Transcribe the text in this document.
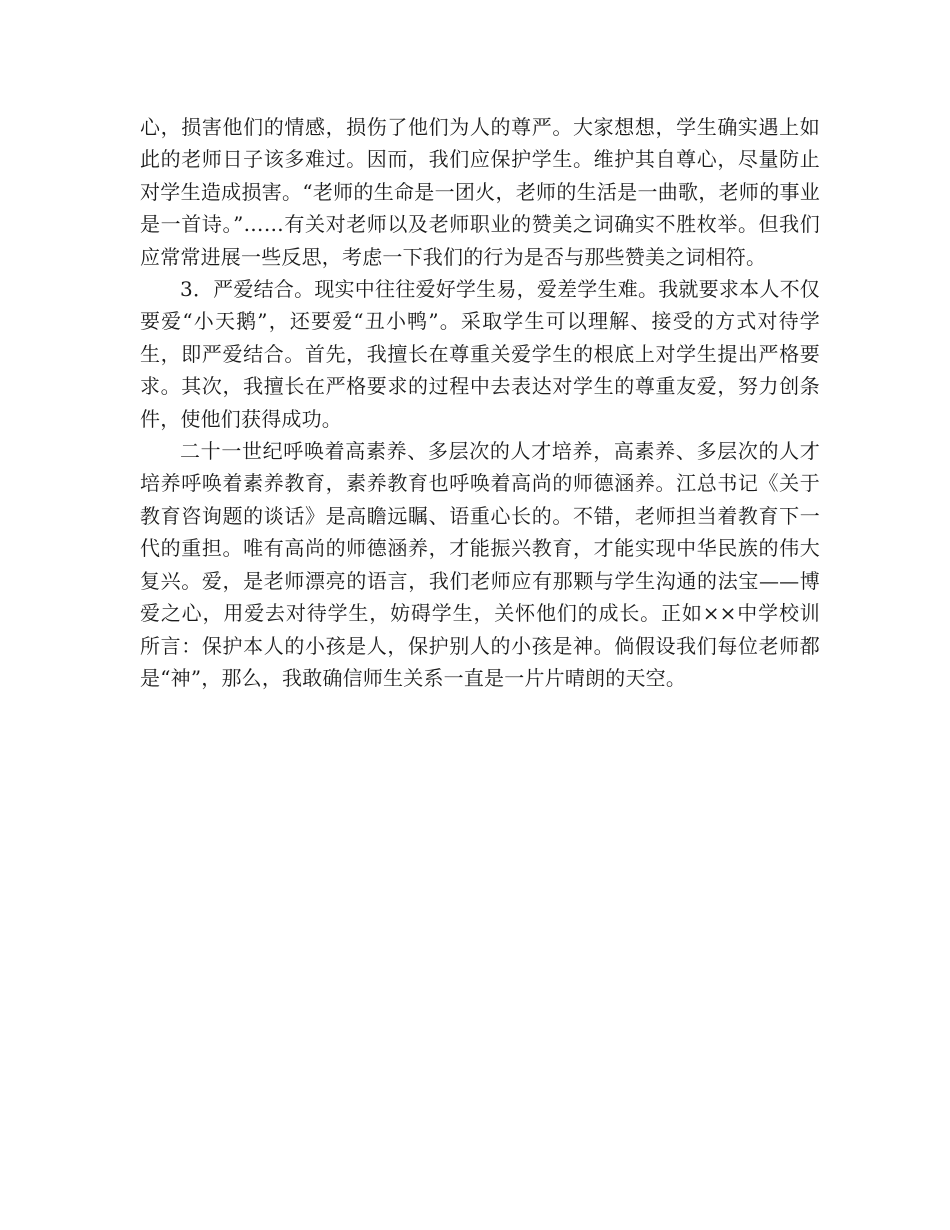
心，损害他们的情感，损伤了他们为人的尊严。大家想想，学生确实遇上如此的老师日子该多难过。因而，我们应保护学生。维护其自尊心，尽量防止对学生造成损害。“老师的生命是一团火，老师的生活是一曲歌，老师的事业是一首诗。”……有关对老师以及老师职业的赞美之词确实不胜枚举。但我们应常常进展一些反思，考虑一下我们的行为是否与那些赞美之词相符。

3．严爱结合。现实中往往爱好学生易，爱差学生难。我就要求本人不仅要爱“小天鹅”，还要爱“丑小鸭”。采取学生可以理解、接受的方式对待学生，即严爱结合。首先，我擅长在尊重关爱学生的根底上对学生提出严格要求。其次，我擅长在严格要求的过程中去表达对学生的尊重友爱，努力创条件，使他们获得成功。

二十一世纪呼唤着高素养、多层次的人才培养，高素养、多层次的人才培养呼唤着素养教育，素养教育也呼唤着高尚的师德涵养。江总书记《关于教育咨询题的谈话》是高瞻远瞩、语重心长的。不错，老师担当着教育下一代的重担。唯有高尚的师德涵养，才能振兴教育，才能实现中华民族的伟大复兴。爱，是老师漂亮的语言，我们老师应有那颗与学生沟通的法宝——博爱之心，用爱去对待学生，妨碍学生，关怀他们的成长。正如××中学校训所言：保护本人的小孩是人，保护别人的小孩是神。倘假设我们每位老师都是“神”，那么，我敢确信师生关系一直是一片片晴朗的天空。
